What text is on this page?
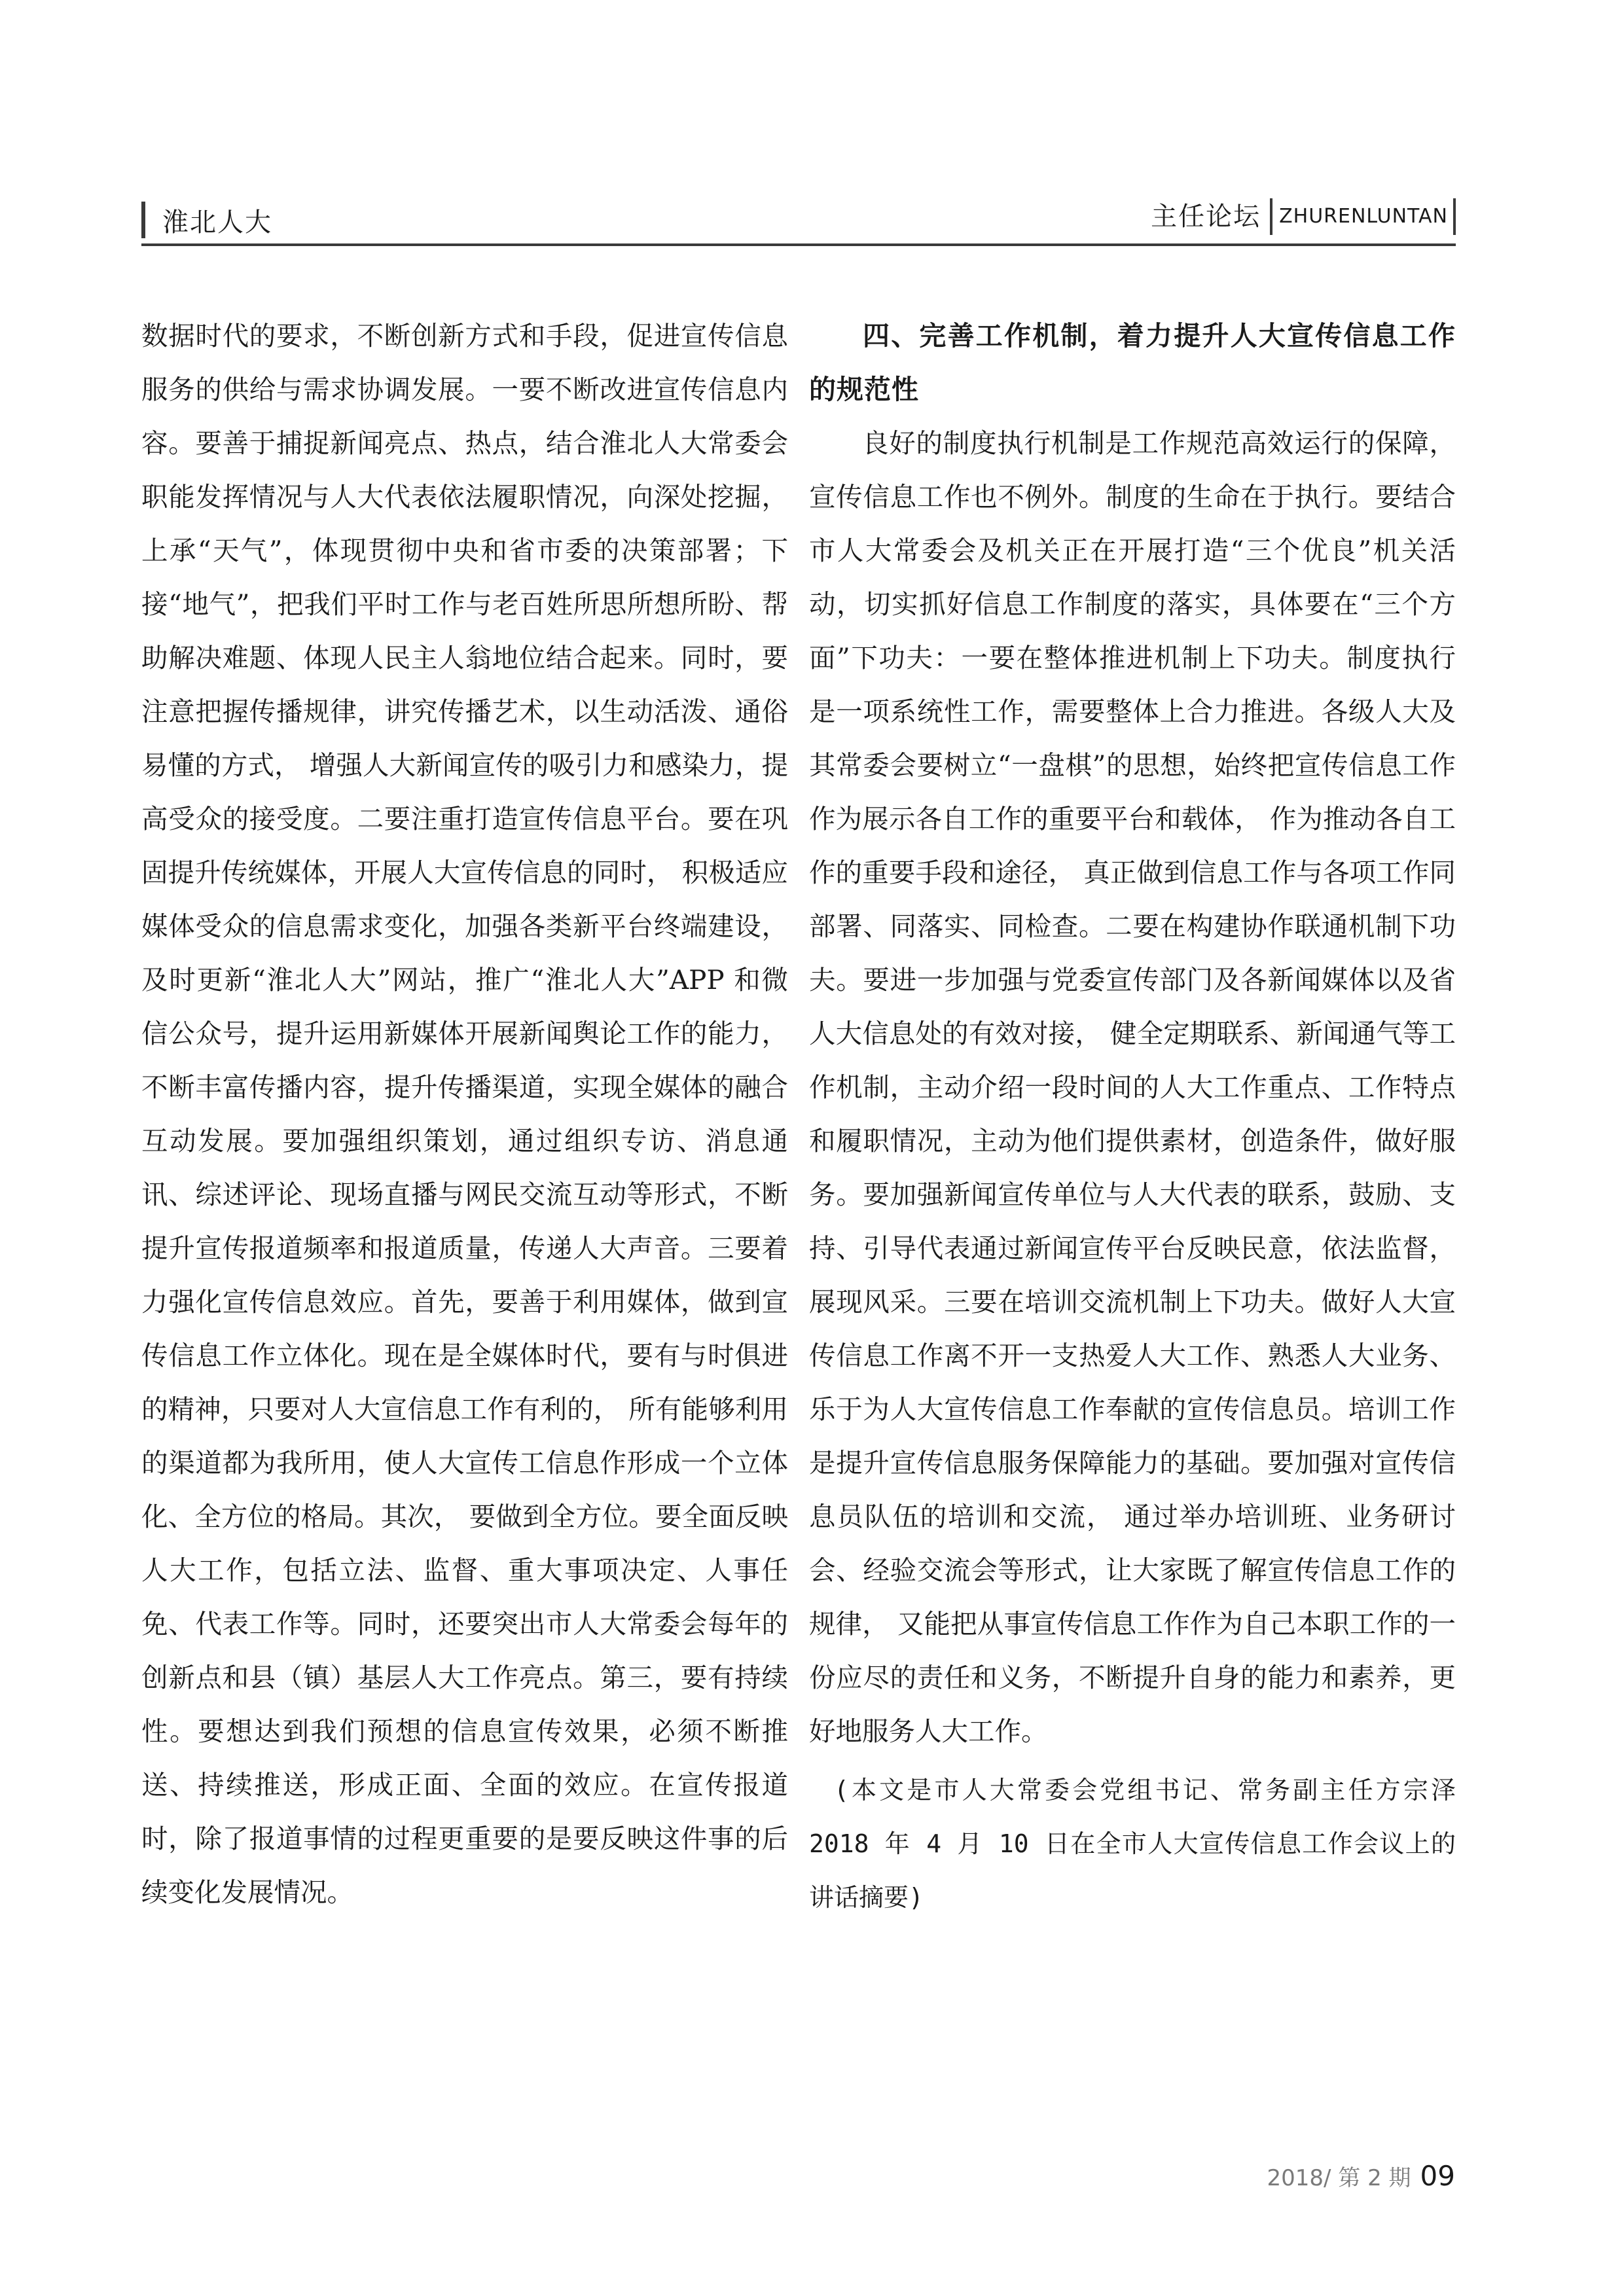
淮北人大	主任论坛 ZHURENLUNTAN

数据时代的要求，不断创新方式和手段，促进宣传信息服务的供给与需求协调发展。一要不断改进宣传信息内容。要善于捕捉新闻亮点、热点，结合淮北人大常委会职能发挥情况与人大代表依法履职情况，向深处挖掘，上承“天气”，体现贯彻中央和省市委的决策部署；下接“地气”，把我们平时工作与老百姓所思所想所盼、帮助解决难题、体现人民主人翁地位结合起来。同时，要注意把握传播规律，讲究传播艺术，以生动活泼、通俗易懂的方式， 增强人大新闻宣传的吸引力和感染力，提高受众的接受度。二要注重打造宣传信息平台。要在巩固提升传统媒体，开展人大宣传信息的同时， 积极适应媒体受众的信息需求变化，加强各类新平台终端建设，及时更新“淮北人大”网站，推广“淮北人大”APP 和微信公众号，提升运用新媒体开展新闻舆论工作的能力，不断丰富传播内容，提升传播渠道，实现全媒体的融合互动发展。要加强组织策划，通过组织专访、消息通讯、综述评论、现场直播与网民交流互动等形式，不断提升宣传报道频率和报道质量，传递人大声音。三要着力强化宣传信息效应。首先，要善于利用媒体，做到宣传信息工作立体化。现在是全媒体时代，要有与时俱进的精神，只要对人大宣信息工作有利的， 所有能够利用的渠道都为我所用，使人大宣传工信息作形成一个立体化、全方位的格局。其次， 要做到全方位。要全面反映人大工作，包括立法、监督、重大事项决定、人事任免、代表工作等。同时，还要突出市人大常委会每年的创新点和县（镇）基层人大工作亮点。第三，要有持续性。要想达到我们预想的信息宣传效果，必须不断推送、持续推送，形成正面、全面的效应。在宣传报道时，除了报道事情的过程更重要的是要反映这件事的后续变化发展情况。

四、完善工作机制，着力提升人大宣传信息工作的规范性

良好的制度执行机制是工作规范高效运行的保障，宣传信息工作也不例外。制度的生命在于执行。要结合市人大常委会及机关正在开展打造“三个优良”机关活动，切实抓好信息工作制度的落实，具体要在“三个方面”下功夫：一要在整体推进机制上下功夫。制度执行是一项系统性工作，需要整体上合力推进。各级人大及其常委会要树立“一盘棋”的思想，始终把宣传信息工作作为展示各自工作的重要平台和载体， 作为推动各自工作的重要手段和途径， 真正做到信息工作与各项工作同部署、同落实、同检查。二要在构建协作联通机制下功夫。要进一步加强与党委宣传部门及各新闻媒体以及省人大信息处的有效对接， 健全定期联系、新闻通气等工作机制，主动介绍一段时间的人大工作重点、工作特点和履职情况，主动为他们提供素材，创造条件，做好服务。要加强新闻宣传单位与人大代表的联系，鼓励、支持、引导代表通过新闻宣传平台反映民意，依法监督，展现风采。三要在培训交流机制上下功夫。做好人大宣传信息工作离不开一支热爱人大工作、熟悉人大业务、乐于为人大宣传信息工作奉献的宣传信息员。培训工作是提升宣传信息服务保障能力的基础。要加强对宣传信息员队伍的培训和交流， 通过举办培训班、业务研讨会、经验交流会等形式，让大家既了解宣传信息工作的规律， 又能把从事宣传信息工作作为自己本职工作的一份应尽的责任和义务，不断提升自身的能力和素养，更好地服务人大工作。

(本文是市人大常委会党组书记、常务副主任方宗泽 2018 年 4 月 10 日在全市人大宣传信息工作会议上的讲话摘要)

2018/ 第 2 期 09
